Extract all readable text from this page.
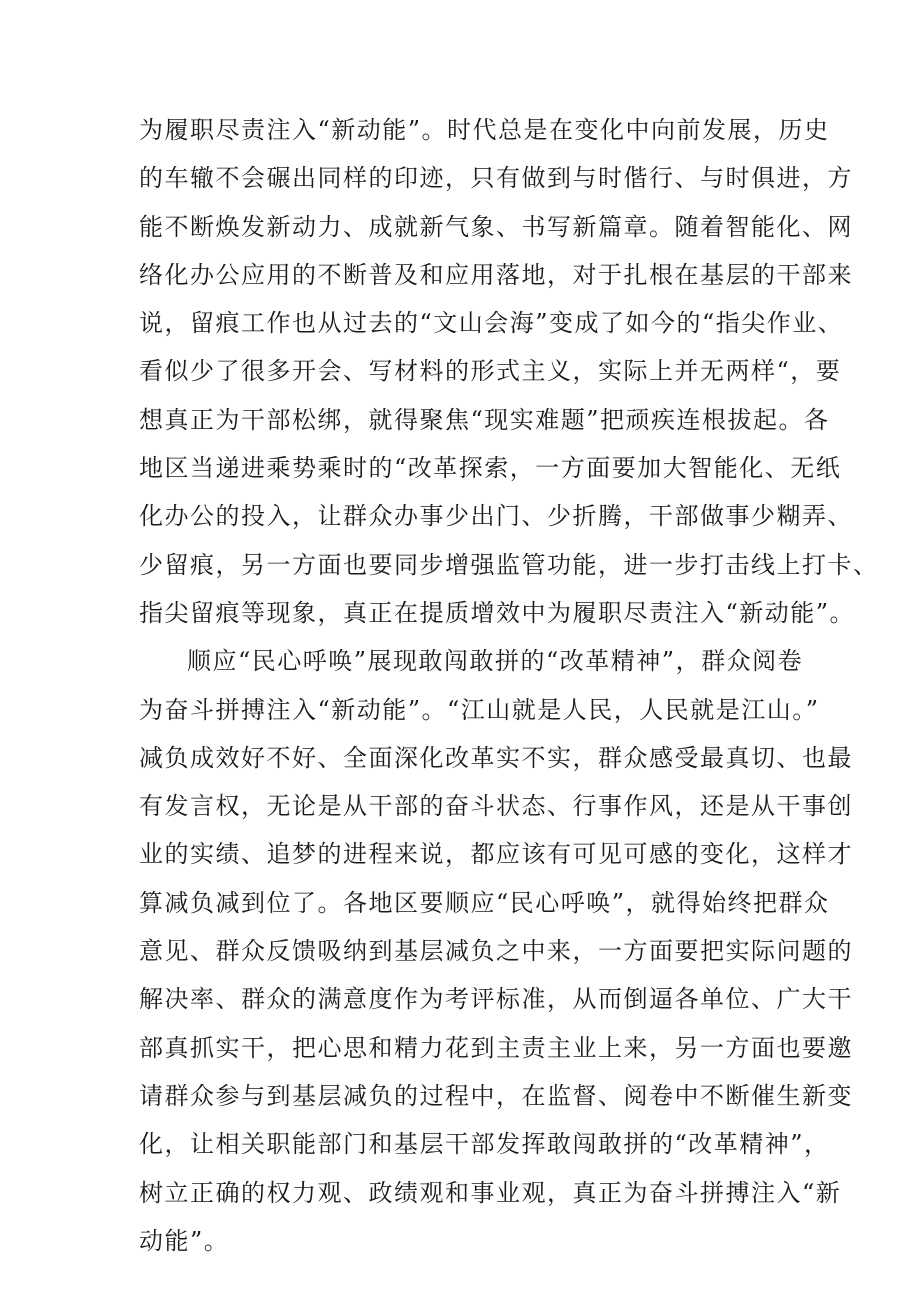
为履职尽责注入“新动能”。时代总是在变化中向前发展，历史
的车辙不会碾出同样的印迹，只有做到与时偕行、与时俱进，方
能不断焕发新动力、成就新气象、书写新篇章。随着智能化、网
络化办公应用的不断普及和应用落地，对于扎根在基层的干部来
说，留痕工作也从过去的“文山会海”变成了如今的“指尖作业、
看似少了很多开会、写材料的形式主义，实际上并无两样“，要
想真正为干部松绑，就得聚焦“现实难题”把顽疾连根拔起。各
地区当递进乘势乘时的“改革探索，一方面要加大智能化、无纸
化办公的投入，让群众办事少出门、少折腾，干部做事少糊弄、
少留痕，另一方面也要同步增强监管功能，进一步打击线上打卡、
指尖留痕等现象，真正在提质增效中为履职尽责注入“新动能”。
顺应“民心呼唤”展现敢闯敢拼的“改革精神”，群众阅卷
为奋斗拼搏注入“新动能”。“江山就是人民，人民就是江山。”
减负成效好不好、全面深化改革实不实，群众感受最真切、也最
有发言权，无论是从干部的奋斗状态、行事作风，还是从干事创
业的实绩、追梦的进程来说，都应该有可见可感的变化，这样才
算减负减到位了。各地区要顺应“民心呼唤”，就得始终把群众
意见、群众反馈吸纳到基层减负之中来，一方面要把实际问题的
解决率、群众的满意度作为考评标准，从而倒逼各单位、广大干
部真抓实干，把心思和精力花到主责主业上来，另一方面也要邀
请群众参与到基层减负的过程中，在监督、阅卷中不断催生新变
化，让相关职能部门和基层干部发挥敢闯敢拼的“改革精神”，
树立正确的权力观、政绩观和事业观，真正为奋斗拼搏注入“新
动能”。
